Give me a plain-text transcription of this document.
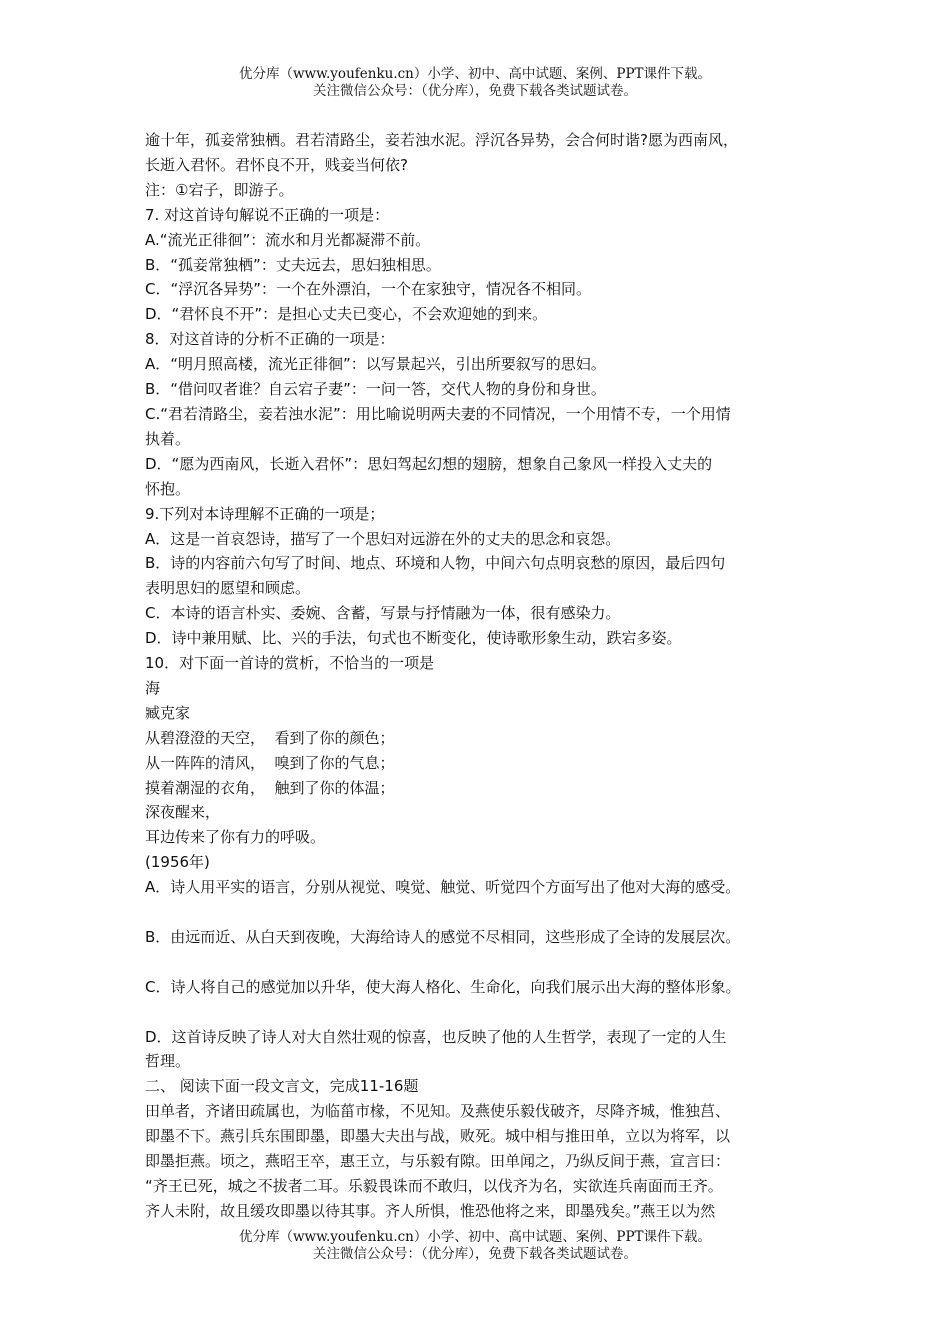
优分库（www.youfenku.cn）小学、初中、高中试题、案例、PPT课件下载。
关注微信公众号：（优分库），免费下载各类试题试卷。

逾十年，孤妾常独栖。君若清路尘，妾若浊水泥。浮沉各异势，会合何时谐?愿为西南风，

长逝入君怀。君怀良不开，贱妾当何依?

注：①宕子，即游子。

7. 对这首诗句解说不正确的一项是：

A.“流光正徘徊”：流水和月光都凝滞不前。

B．“孤妾常独栖”：丈夫远去，思妇独相思。

C．“浮沉各异势”：一个在外漂泊，一个在家独守，情况各不相同。

D．“君怀良不开”：是担心丈夫已变心，不会欢迎她的到来。

8．对这首诗的分析不正确的一项是：

A．“明月照高楼，流光正徘徊”：以写景起兴，引出所要叙写的思妇。

B．“借问叹者谁？自云宕子妻”：一问一答，交代人物的身份和身世。

C.“君若清路尘，妾若浊水泥”：用比喻说明两夫妻的不同情况，一个用情不专，一个用情

执着。

D．“愿为西南风，长逝入君怀”：思妇驾起幻想的翅膀，想象自己象风一样投入丈夫的

怀抱。

9.下列对本诗理解不正确的一项是；

A．这是一首哀怨诗，描写了一个思妇对远游在外的丈夫的思念和哀怨。

B．诗的内容前六句写了时间、地点、环境和人物，中间六句点明哀愁的原因，最后四句

表明思妇的愿望和顾虑。

C．本诗的语言朴实、委婉、含蓄，写景与抒情融为一体，很有感染力。

D．诗中兼用赋、比、兴的手法，句式也不断变化，使诗歌形象生动，跌宕多姿。

10．对下面一首诗的赏析，不恰当的一项是

海

臧克家

从碧澄澄的天空，  看到了你的颜色；

从一阵阵的清风，  嗅到了你的气息；

摸着潮湿的衣角，  触到了你的体温；

深夜醒来，

耳边传来了你有力的呼吸。

(1956年)

A．诗人用平实的语言，分别从视觉、嗅觉、触觉、听觉四个方面写出了他对大海的感受。

B．由远而近、从白天到夜晚，大海给诗人的感觉不尽相同，这些形成了全诗的发展层次。

C．诗人将自己的感觉加以升华，使大海人格化、生命化，向我们展示出大海的整体形象。

D．这首诗反映了诗人对大自然壮观的惊喜，也反映了他的人生哲学，表现了一定的人生

哲理。

二、 阅读下面一段文言文，完成11-16题

田单者，齐诸田疏属也，为临菑市椽，不见知。及燕使乐毅伐破齐，尽降齐城，惟独莒、

即墨不下。燕引兵东围即墨，即墨大夫出与战，败死。城中相与推田单，立以为将军，以

即墨拒燕。顷之，燕昭王卒，惠王立，与乐毅有隙。田单闻之，乃纵反间于燕，宣言曰：

“齐王已死，城之不拔者二耳。乐毅畏诛而不敢归，以伐齐为名，实欲连兵南面而王齐。

齐人未附，故且缓攻即墨以待其事。齐人所惧，惟恐他将之来，即墨残矣。”燕王以为然

优分库（www.youfenku.cn）小学、初中、高中试题、案例、PPT课件下载。
关注微信公众号：（优分库），免费下载各类试题试卷。
